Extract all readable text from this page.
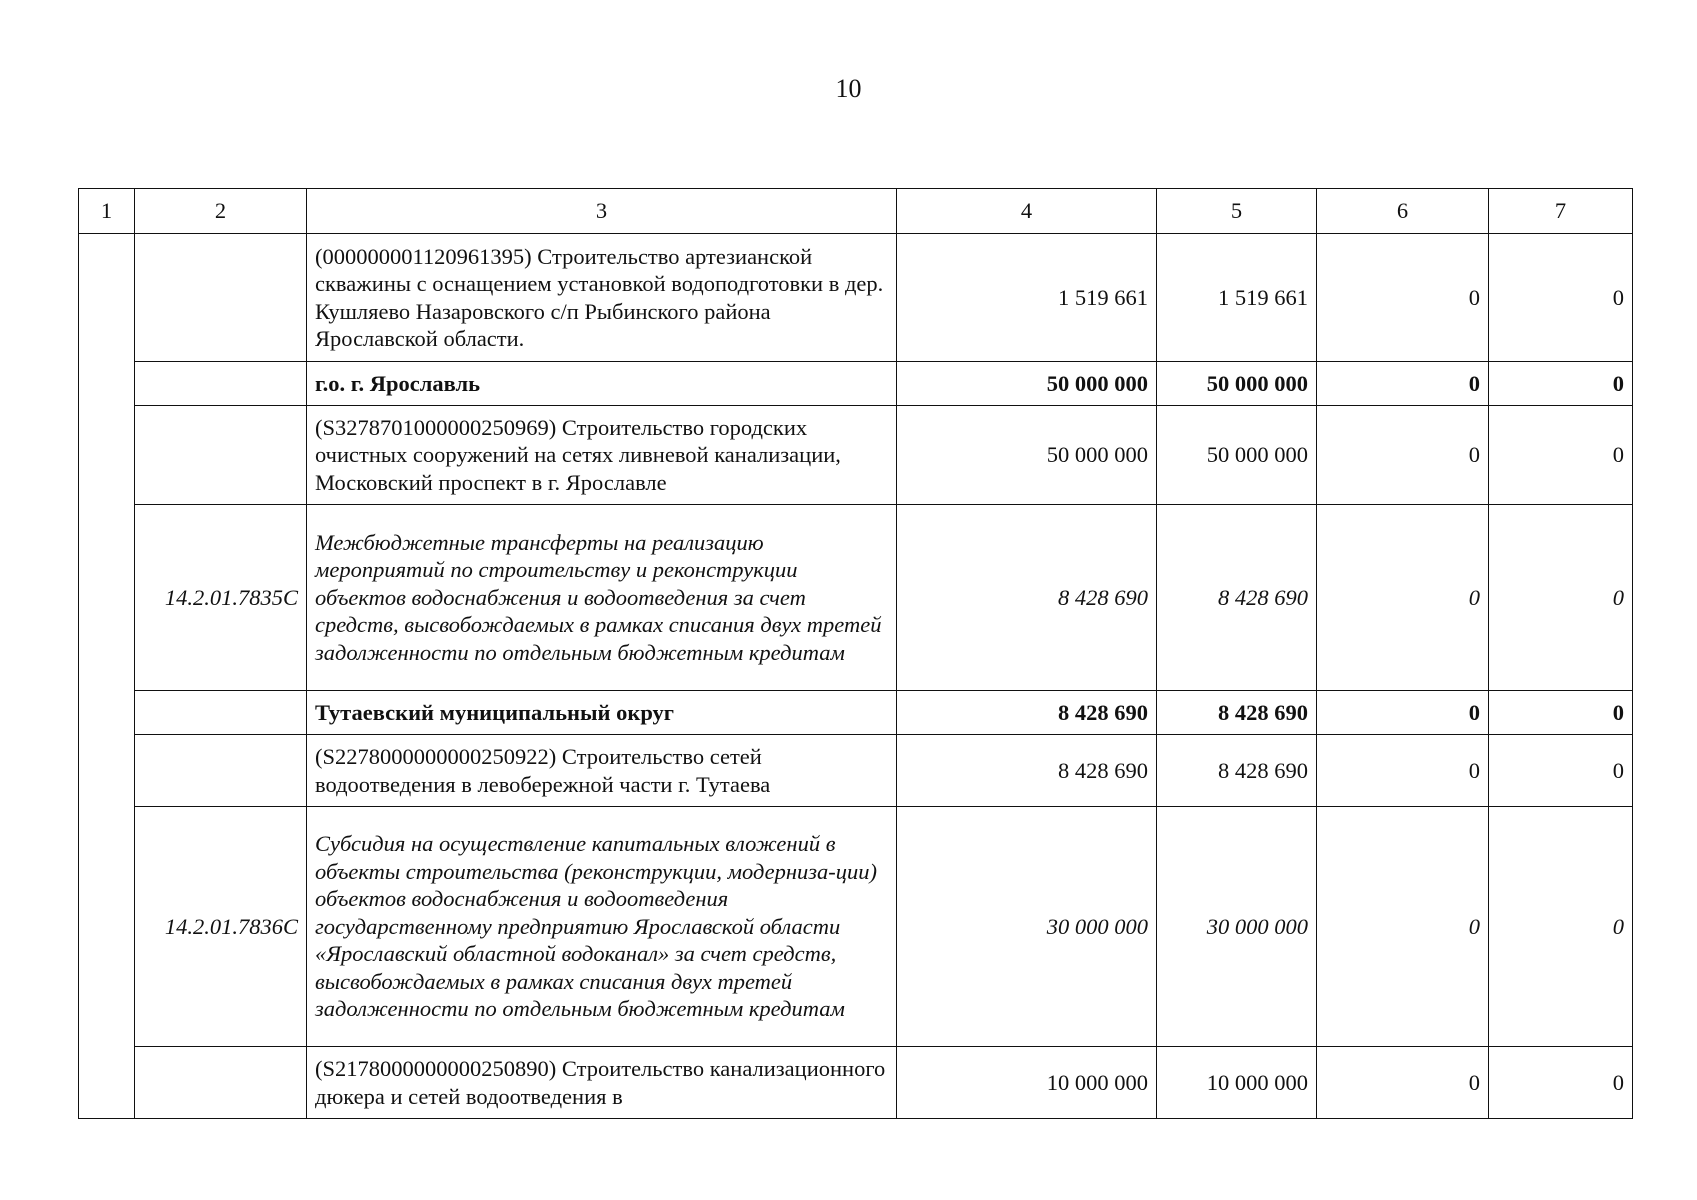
10
1	2	3	4	5	6	7
		(000000001120961395) Строительство артезианской скважины с оснащением установкой водоподготовки в дер. Кушляево Назаровского с/п Рыбинского района Ярославской области.	1 519 661	1 519 661	0	0
		г.о. г. Ярославль	50 000 000	50 000 000	0	0
		(S3278701000000250969) Строительство городских очистных сооружений на сетях ливневой канализации, Московский проспект в г. Ярославле	50 000 000	50 000 000	0	0
	14.2.01.7835С	Межбюджетные трансферты на реализацию мероприятий по строительству и реконструкции объектов водоснабжения и водоотведения за счет средств, высвобождаемых в рамках списания двух третей задолженности по отдельным бюджетным кредитам	8 428 690	8 428 690	0	0
		Тутаевский муниципальный округ	8 428 690	8 428 690	0	0
		(S2278000000000250922) Строительство сетей водоотведения в левобережной части г. Тутаева	8 428 690	8 428 690	0	0
	14.2.01.7836С	Субсидия на осуществление капитальных вложений в объекты строительства (реконструкции, модерниза-ции) объектов водоснабжения и водоотведения государственному предприятию Ярославской области «Ярославский областной водоканал» за счет средств, высвобождаемых в рамках списания двух третей задолженности по отдельным бюджетным кредитам	30 000 000	30 000 000	0	0
		(S2178000000000250890) Строительство канализационного дюкера и сетей водоотведения в	10 000 000	10 000 000	0	0
